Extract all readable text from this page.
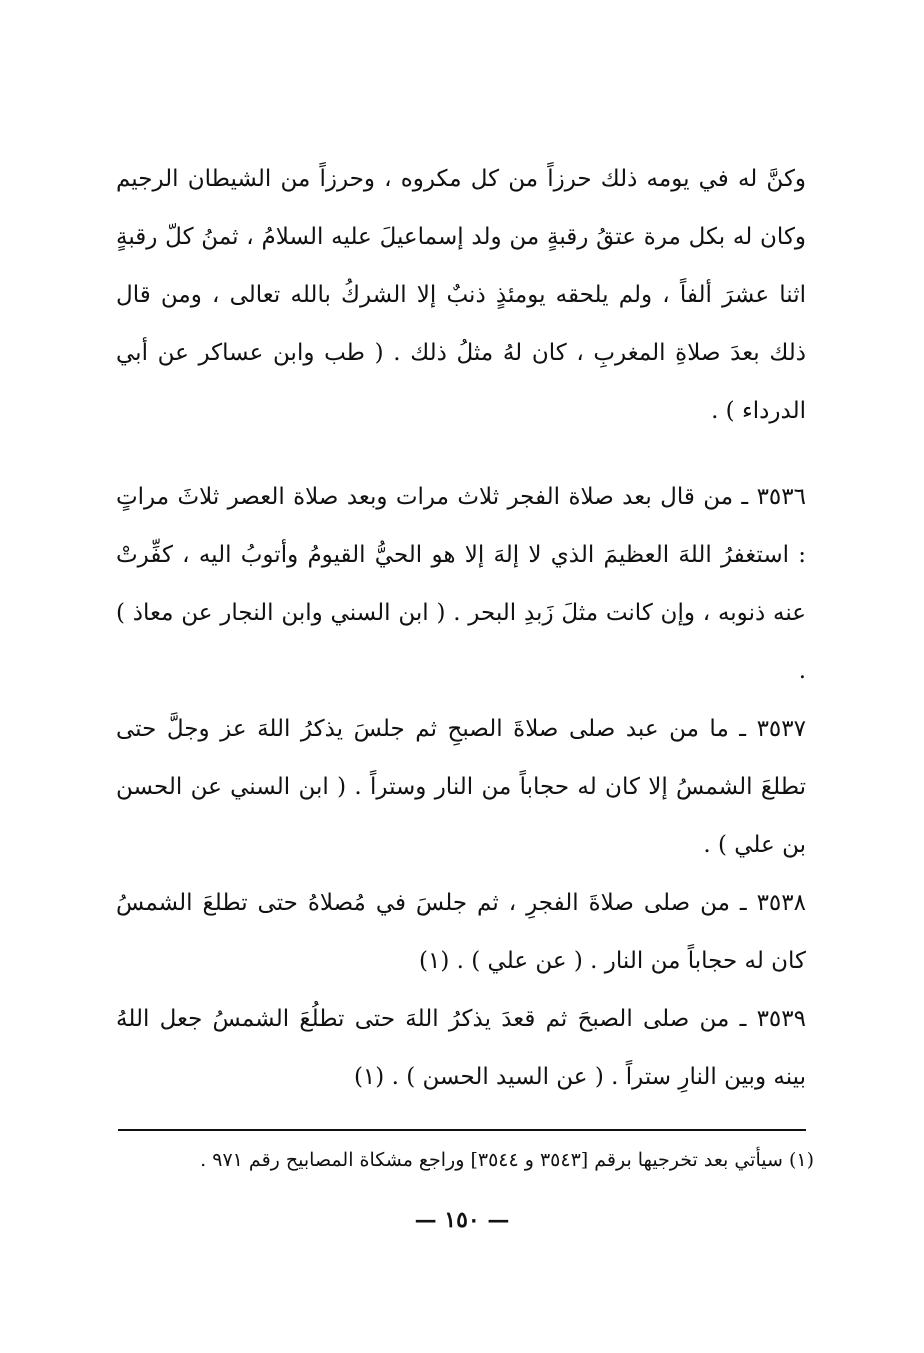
وكنَّ له في يومه ذلك حرزاً من كل مكروه ، وحرزاً من الشيطان الرجيم وكان له بكل مرة عتقُ رقبةٍ من ولد إسماعيلَ عليه السلامُ ، ثمنُ كلّ رقبةٍ اثنا عشرَ ألفاً ، ولم يلحقه يومئذٍ ذنبٌ إلا الشركُ بالله تعالى ، ومن قال ذلك بعدَ صلاةِ المغربِ ، كان لهُ مثلُ ذلك . ( طب وابن عساكر عن أبي الدرداء ) .

٣٥٣٦ ـ من قال بعد صلاة الفجر ثلاث مرات وبعد صلاة العصر ثلاثَ مراتٍ : استغفرُ اللهَ العظيمَ الذي لا إلهَ إلا هو الحيُّ القيومُ وأتوبُ اليه ، كفِّرتْ عنه ذنوبه ، وإن كانت مثلَ زَبدِ البحر . ( ابن السني وابن النجار عن معاذ ) .

٣٥٣٧ ـ ما من عبد صلى صلاةَ الصبحِ ثم جلسَ يذكرُ اللهَ عز وجلَّ حتى تطلعَ الشمسُ إلا كان له حجاباً من النار وستراً . ( ابن السني عن الحسن بن علي ) .

٣٥٣٨ ـ من صلى صلاةَ الفجرِ ، ثم جلسَ في مُصلاهُ حتى تطلعَ الشمسُ كان له حجاباً من النار . ( عن علي ) . (١)

٣٥٣٩ ـ من صلى الصبحَ ثم قعدَ يذكرُ اللهَ حتى تطلُعَ الشمسُ جعل اللهُ بينه وبين النارِ ستراً . ( عن السيد الحسن ) . (١)

(١) سيأتي بعد تخرجيها برقم [٣٥٤٣ و ٣٥٤٤] وراجع مشكاة المصابيح رقم ٩٧١ .
— ١٥٠ —
